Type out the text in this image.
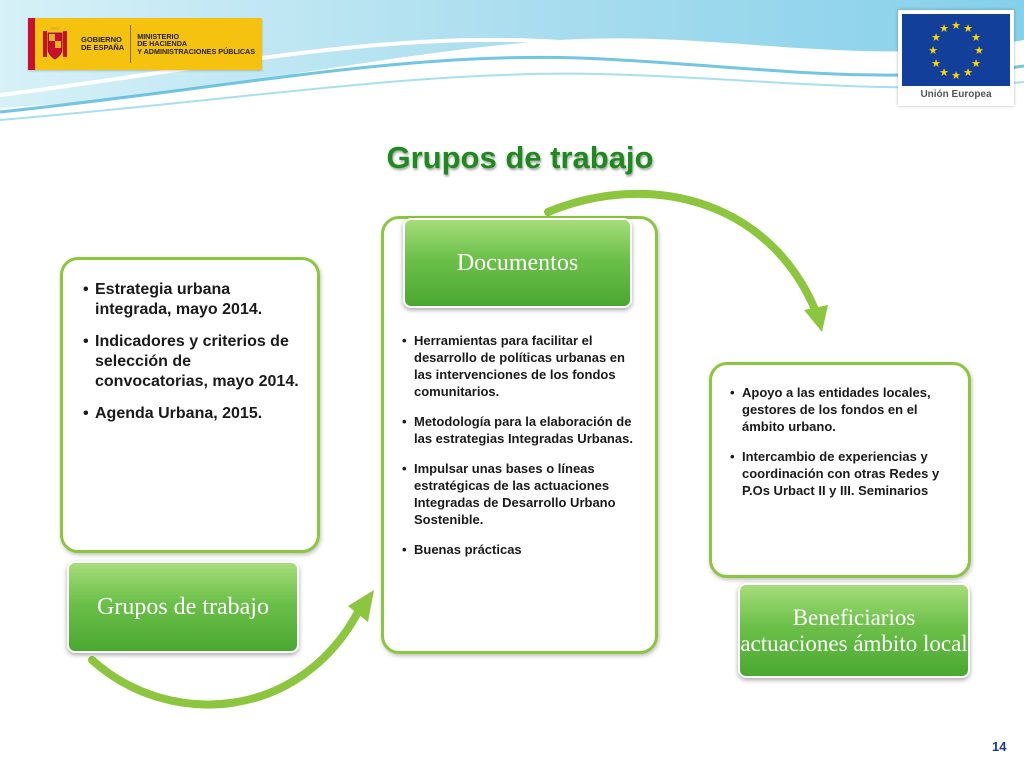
GOBIERNO
DE ESPAÑA
MINISTERIO
DE HACIENDA
Y ADMINISTRACIONES PÚBLICAS
★ ★
★
★
★
★
★
★
★
★
★
★
Unión Europea
Grupos de trabajo
• Estrategia urbana integrada, mayo 2014.
• Indicadores y criterios de selección de convocatorias, mayo 2014.
• Agenda Urbana, 2015.
• Herramientas para facilitar el desarrollo de políticas urbanas en las intervenciones de los fondos comunitarios.
• Metodología para la elaboración de las estrategias Integradas Urbanas.
• Impulsar unas bases o líneas estratégicas de las actuaciones Integradas de Desarrollo Urbano Sostenible.
• Buenas prácticas
• Apoyo a las entidades locales, gestores de los fondos en el ámbito urbano.
• Intercambio de experiencias y coordinación con otras Redes y P.Os Urbact II y III. Seminarios
Grupos de trabajo
Documentos
Beneficiarios actuaciones ámbito local
14
